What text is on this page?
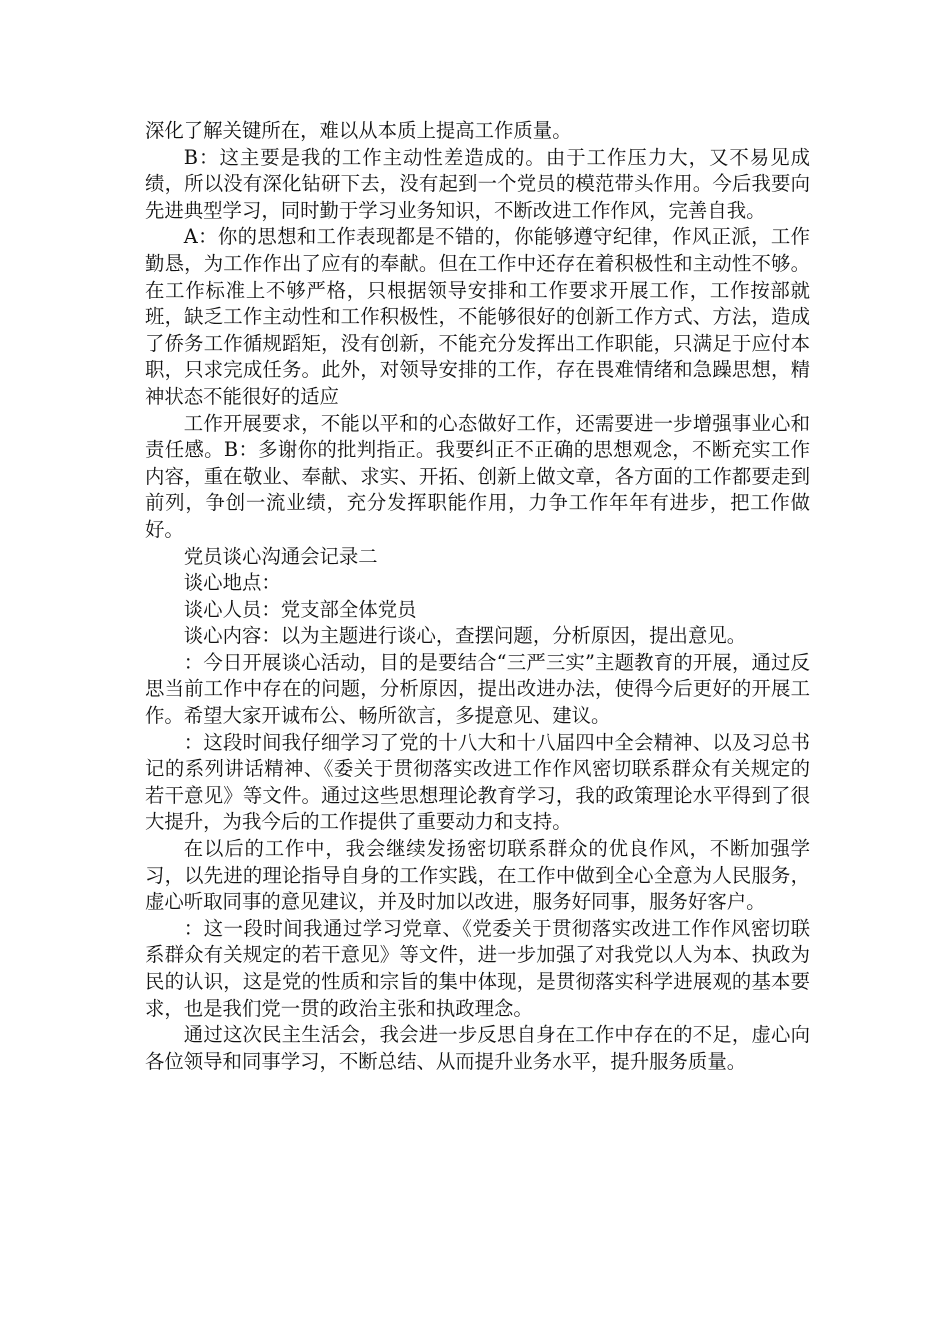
深化了解关键所在，难以从本质上提高工作质量。

B：这主要是我的工作主动性差造成的。由于工作压力大，又不易见成绩，所以没有深化钻研下去，没有起到一个党员的模范带头作用。今后我要向先进典型学习，同时勤于学习业务知识，不断改进工作作风，完善自我。

A：你的思想和工作表现都是不错的，你能够遵守纪律，作风正派，工作勤恳，为工作作出了应有的奉献。但在工作中还存在着积极性和主动性不够。在工作标准上不够严格，只根据领导安排和工作要求开展工作，工作按部就班，缺乏工作主动性和工作积极性，不能够很好的创新工作方式、方法，造成了侨务工作循规蹈矩，没有创新，不能充分发挥出工作职能，只满足于应付本职，只求完成任务。此外，对领导安排的工作，存在畏难情绪和急躁思想，精神状态不能很好的适应

工作开展要求，不能以平和的心态做好工作，还需要进一步增强事业心和责任感。B：多谢你的批判指正。我要纠正不正确的思想观念，不断充实工作内容，重在敬业、奉献、求实、开拓、创新上做文章，各方面的工作都要走到前列，争创一流业绩，充分发挥职能作用，力争工作年年有进步，把工作做好。

党员谈心沟通会记录二

谈心地点：

谈心人员：党支部全体党员

谈心内容：以为主题进行谈心，查摆问题，分析原因，提出意见。

：今日开展谈心活动，目的是要结合“三严三实”主题教育的开展，通过反思当前工作中存在的问题，分析原因，提出改进办法，使得今后更好的开展工作。希望大家开诚布公、畅所欲言，多提意见、建议。

：这段时间我仔细学习了党的十八大和十八届四中全会精神、以及习总书记的系列讲话精神、《委关于贯彻落实改进工作作风密切联系群众有关规定的若干意见》等文件。通过这些思想理论教育学习，我的政策理论水平得到了很大提升，为我今后的工作提供了重要动力和支持。

在以后的工作中，我会继续发扬密切联系群众的优良作风，不断加强学习，以先进的理论指导自身的工作实践，在工作中做到全心全意为人民服务，虚心听取同事的意见建议，并及时加以改进，服务好同事，服务好客户。

：这一段时间我通过学习党章、《党委关于贯彻落实改进工作作风密切联系群众有关规定的若干意见》等文件，进一步加强了对我党以人为本、执政为民的认识，这是党的性质和宗旨的集中体现，是贯彻落实科学进展观的基本要求，也是我们党一贯的政治主张和执政理念。

通过这次民主生活会，我会进一步反思自身在工作中存在的不足，虚心向各位领导和同事学习，不断总结、从而提升业务水平，提升服务质量。
